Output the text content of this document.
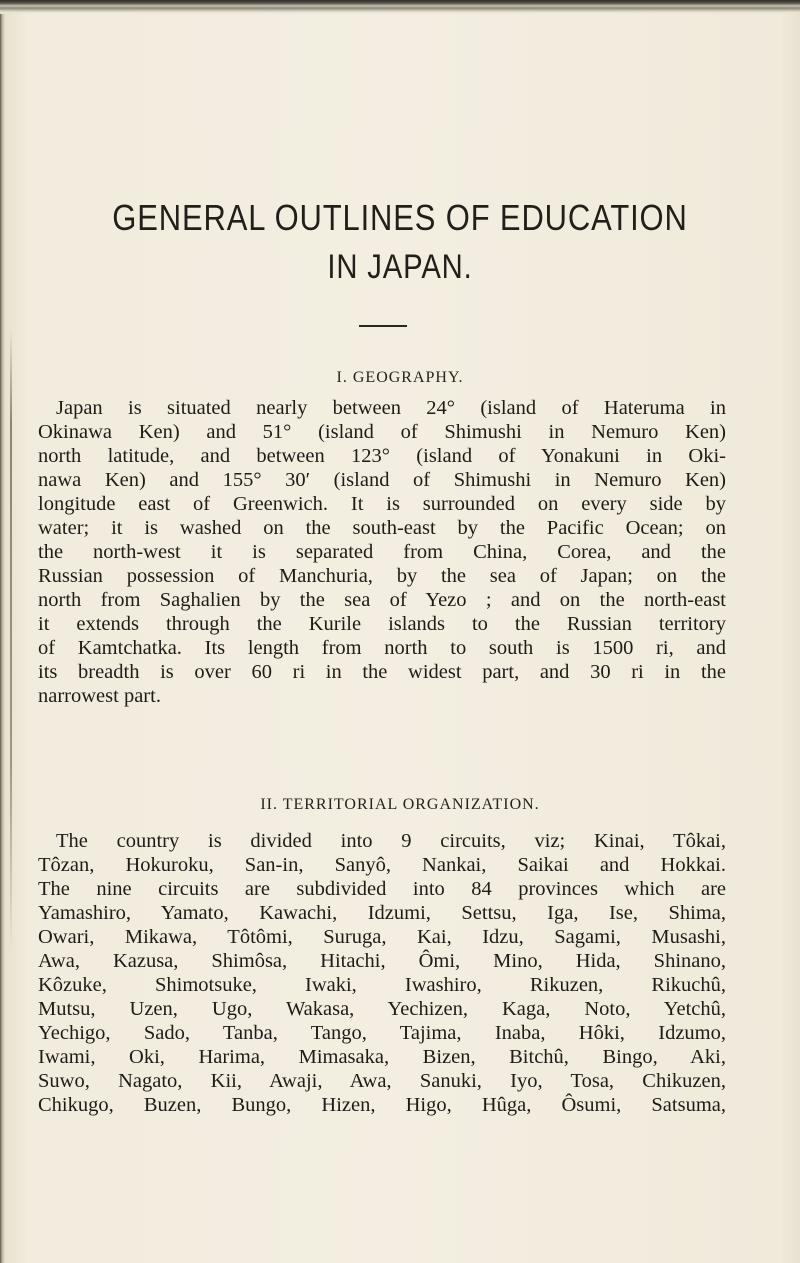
GENERAL OUTLINES OF EDUCATION
IN JAPAN.
I. GEOGRAPHY.
Japan is situated nearly between 24° (island of Hateruma in
Okinawa Ken) and 51° (island of Shimushi in Nemuro Ken)
north latitude, and between 123° (island of Yonakuni in Oki-
nawa Ken) and 155° 30′ (island of Shimushi in Nemuro Ken)
longitude east of Greenwich. It is surrounded on every side by
water; it is washed on the south-east by the Pacific Ocean; on
the north-west it is separated from China, Corea, and the
Russian possession of Manchuria, by the sea of Japan; on the
north from Saghalien by the sea of Yezo ; and on the north-east
it extends through the Kurile islands to the Russian territory
of Kamtchatka. Its length from north to south is 1500 ri, and
its breadth is over 60 ri in the widest part, and 30 ri in the
narrowest part.
II. TERRITORIAL ORGANIZATION.
The country is divided into 9 circuits, viz; Kinai, Tôkai,
Tôzan, Hokuroku, San-in, Sanyô, Nankai, Saikai and Hokkai.
The nine circuits are subdivided into 84 provinces which are
Yamashiro, Yamato, Kawachi, Idzumi, Settsu, Iga, Ise, Shima,
Owari, Mikawa, Tôtômi, Suruga, Kai, Idzu, Sagami, Musashi,
Awa, Kazusa, Shimôsa, Hitachi, Ômi, Mino, Hida, Shinano,
Kôzuke, Shimotsuke, Iwaki, Iwashiro, Rikuzen, Rikuchû,
Mutsu, Uzen, Ugo, Wakasa, Yechizen, Kaga, Noto, Yetchû,
Yechigo, Sado, Tanba, Tango, Tajima, Inaba, Hôki, Idzumo,
Iwami, Oki, Harima, Mimasaka, Bizen, Bitchû, Bingo, Aki,
Suwo, Nagato, Kii, Awaji, Awa, Sanuki, Iyo, Tosa, Chikuzen,
Chikugo, Buzen, Bungo, Hizen, Higo, Hûga, Ôsumi, Satsuma,
